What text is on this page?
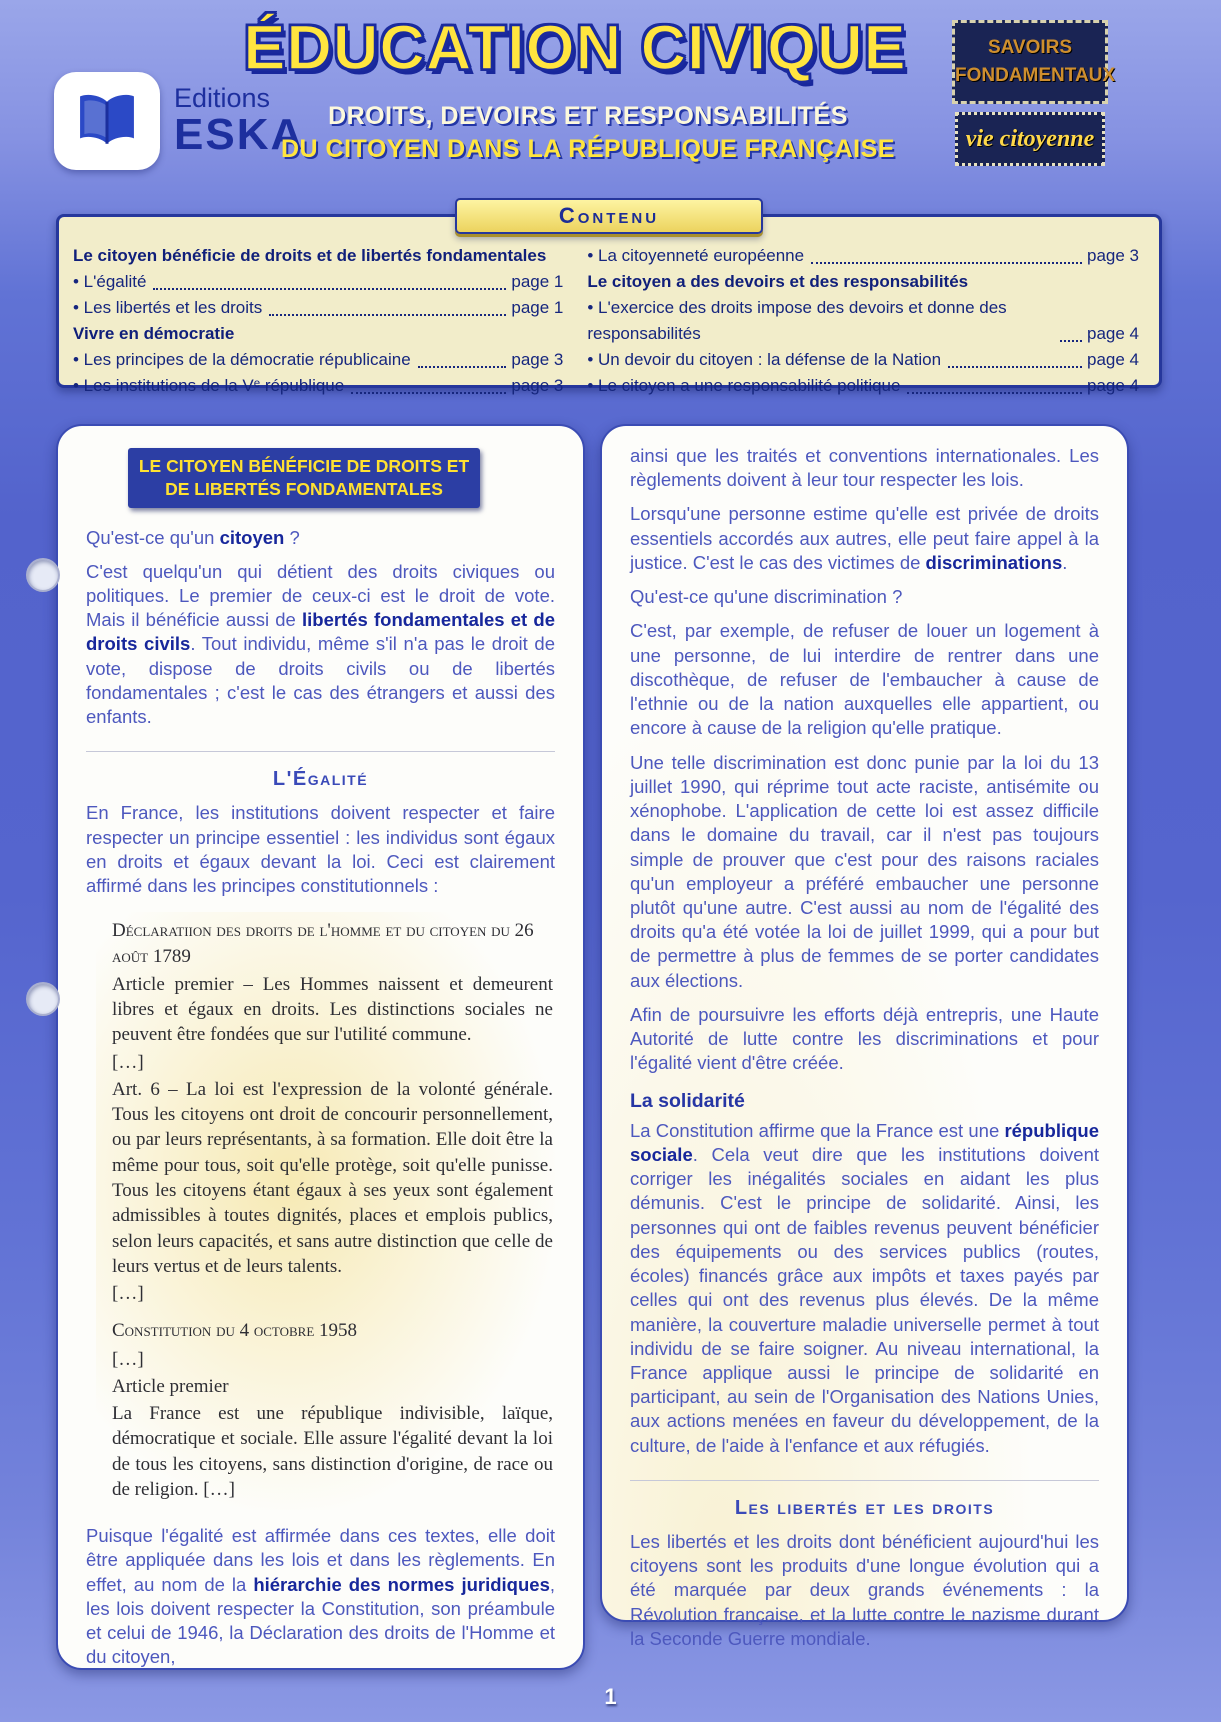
Editions
ESKA
ÉDUCATION CIVIQUE
DROITS, DEVOIRS ET RESPONSABILITÉS
DU CITOYEN DANS LA RÉPUBLIQUE FRANÇAISE
SAVOIRS
FONDAMENTAUX
vie citoyenne
Contenu
Le citoyen bénéficie de droits et de libertés fondamentales
• L'égalité	page 1
• Les libertés et les droits	page 1
Vivre en démocratie
• Les principes de la démocratie républicaine	page 3
• Les institutions de la Vᵉ république	page 3
• La citoyenneté européenne	page 3
Le citoyen a des devoirs et des responsabilités
• L'exercice des droits impose des devoirs et donne des responsabilités	page 4
• Un devoir du citoyen : la défense de la Nation	page 4
• Le citoyen a une responsabilité politique	page 4
LE CITOYEN BÉNÉFICIE DE DROITS ET DE LIBERTÉS FONDAMENTALES

Qu'est-ce qu'un citoyen ?

C'est quelqu'un qui détient des droits civiques ou politiques. Le premier de ceux-ci est le droit de vote. Mais il bénéficie aussi de libertés fondamentales et de droits civils. Tout individu, même s'il n'a pas le droit de vote, dispose de droits civils ou de libertés fondamentales ; c'est le cas des étrangers et aussi des enfants.

L'Égalité

En France, les institutions doivent respecter et faire respecter un principe essentiel : les individus sont égaux en droits et égaux devant la loi. Ceci est clairement affirmé dans les principes constitutionnels :

Déclaratiion des droits de l'homme et du citoyen du 26 août 1789

Article premier – Les Hommes naissent et demeurent libres et égaux en droits. Les distinctions sociales ne peuvent être fondées que sur l'utilité commune.

[…]

Art. 6 – La loi est l'expression de la volonté générale. Tous les citoyens ont droit de concourir personnellement, ou par leurs représentants, à sa formation. Elle doit être la même pour tous, soit qu'elle protège, soit qu'elle punisse. Tous les citoyens étant égaux à ses yeux sont également admissibles à toutes dignités, places et emplois publics, selon leurs capacités, et sans autre distinction que celle de leurs vertus et de leurs talents.

[…]

Constitution du 4 octobre 1958

[…]

Article premier

La France est une république indivisible, laïque, démocratique et sociale. Elle assure l'égalité devant la loi de tous les citoyens, sans distinction d'origine, de race ou de religion. […]

Puisque l'égalité est affirmée dans ces textes, elle doit être appliquée dans les lois et dans les règlements. En effet, au nom de la hiérarchie des normes juridiques, les lois doivent respecter la Constitution, son préambule et celui de 1946, la Déclaration des droits de l'Homme et du citoyen,

ainsi que les traités et conventions internationales. Les règlements doivent à leur tour respecter les lois.

Lorsqu'une personne estime qu'elle est privée de droits essentiels accordés aux autres, elle peut faire appel à la justice. C'est le cas des victimes de discriminations.

Qu'est-ce qu'une discrimination ?

C'est, par exemple, de refuser de louer un logement à une personne, de lui interdire de rentrer dans une discothèque, de refuser de l'embaucher à cause de l'ethnie ou de la nation auxquelles elle appartient, ou encore à cause de la religion qu'elle pratique.

Une telle discrimination est donc punie par la loi du 13 juillet 1990, qui réprime tout acte raciste, antisémite ou xénophobe. L'application de cette loi est assez difficile dans le domaine du travail, car il n'est pas toujours simple de prouver que c'est pour des raisons raciales qu'un employeur a préféré embaucher une personne plutôt qu'une autre. C'est aussi au nom de l'égalité des droits qu'a été votée la loi de juillet 1999, qui a pour but de permettre à plus de femmes de se porter candidates aux élections.

Afin de poursuivre les efforts déjà entrepris, une Haute Autorité de lutte contre les discriminations et pour l'égalité vient d'être créée.

La solidarité

La Constitution affirme que la France est une république sociale. Cela veut dire que les institutions doivent corriger les inégalités sociales en aidant les plus démunis. C'est le principe de solidarité. Ainsi, les personnes qui ont de faibles revenus peuvent bénéficier des équipements ou des services publics (routes, écoles) financés grâce aux impôts et taxes payés par celles qui ont des revenus plus élevés. De la même manière, la couverture maladie universelle permet à tout individu de se faire soigner. Au niveau international, la France applique aussi le principe de solidarité en participant, au sein de l'Organisation des Nations Unies, aux actions menées en faveur du développement, de la culture, de l'aide à l'enfance et aux réfugiés.

Les libertés et les droits

Les libertés et les droits dont bénéficient aujourd'hui les citoyens sont les produits d'une longue évolution qui a été marquée par deux grands événements : la Révolution française, et la lutte contre le nazisme durant la Seconde Guerre mondiale.

1
